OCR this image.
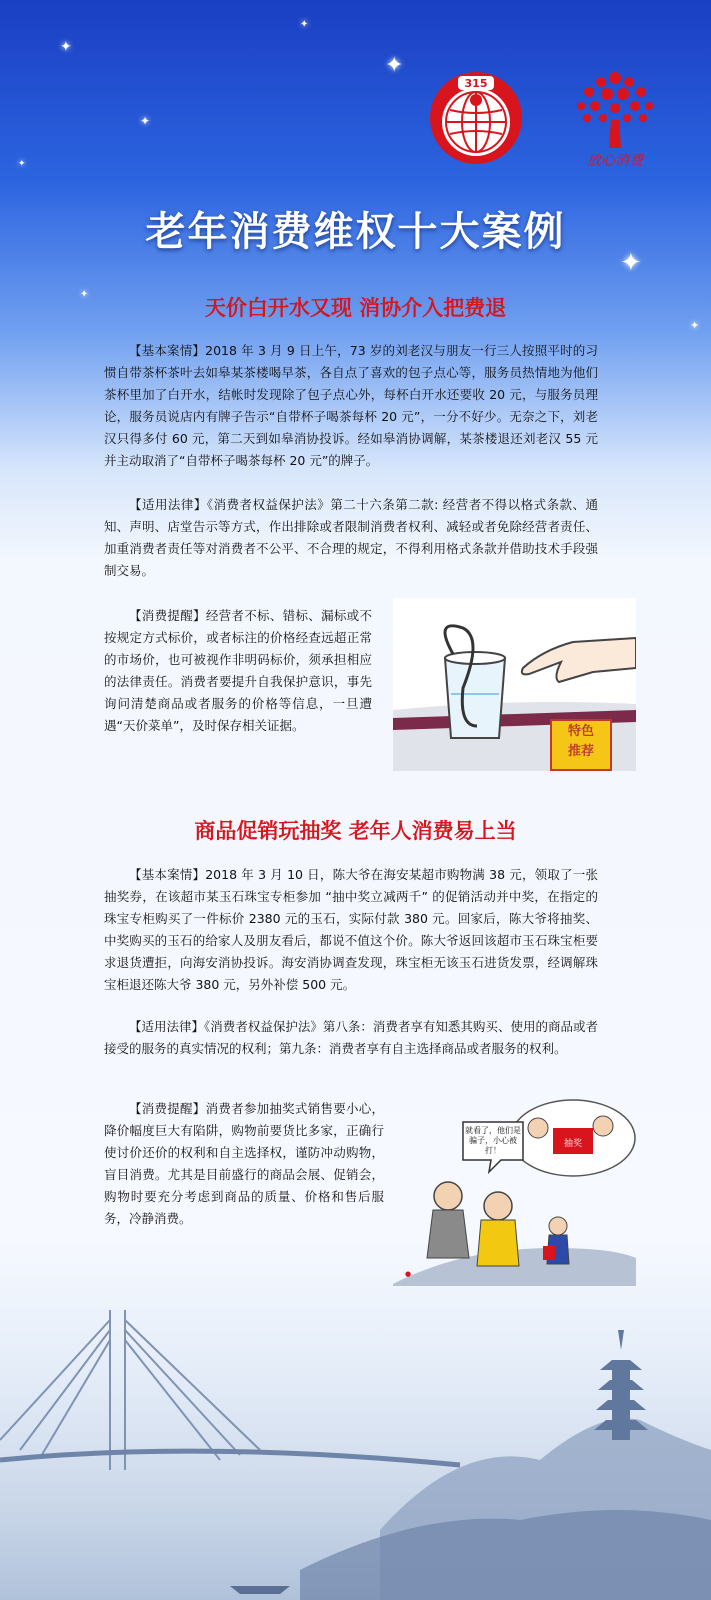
✦
✦
✦
✦
✦
✦
✦
✦
315
放心消费
老年消费维权十大案例
天价白开水又现 消协介入把费退

【基本案情】2018 年 3 月 9 日上午，73 岁的刘老汉与朋友一行三人按照平时的习惯自带茶杯茶叶去如皋某茶楼喝早茶，各自点了喜欢的包子点心等，服务员热情地为他们茶杯里加了白开水，结帐时发现除了包子点心外，每杯白开水还要收 20 元，与服务员理论，服务员说店内有牌子告示“自带杯子喝茶每杯 20 元”，一分不好少。无奈之下，刘老汉只得多付 60 元，第二天到如皋消协投诉。经如皋消协调解，某茶楼退还刘老汉 55 元并主动取消了“自带杯子喝茶每杯 20 元”的牌子。

【适用法律】《消费者权益保护法》第二十六条第二款: 经营者不得以格式条款、通知、声明、店堂告示等方式，作出排除或者限制消费者权利、减轻或者免除经营者责任、加重消费者责任等对消费者不公平、不合理的规定，不得利用格式条款并借助技术手段强制交易。

【消费提醒】经营者不标、错标、漏标或不按规定方式标价，或者标注的价格经查远超正常的市场价，也可被视作非明码标价，须承担相应的法律责任。消费者要提升自我保护意识，事先询问清楚商品或者服务的价格等信息，一旦遭遇“天价菜单”，及时保存相关证据。	特色
推荐
商品促销玩抽奖 老年人消费易上当

【基本案情】2018 年 3 月 10 日，陈大爷在海安某超市购物满 38 元，领取了一张抽奖券，在该超市某玉石珠宝专柜参加 “抽中奖立减两千” 的促销活动并中奖，在指定的珠宝专柜购买了一件标价 2380 元的玉石，实际付款 380 元。回家后，陈大爷将抽奖、中奖购买的玉石的给家人及朋友看后，都说不值这个价。陈大爷返回该超市玉石珠宝柜要求退货遭拒，向海安消协投诉。海安消协调查发现，珠宝柜无该玉石进货发票，经调解珠宝柜退还陈大爷 380 元，另外补偿 500 元。

【适用法律】《消费者权益保护法》第八条：消费者享有知悉其购买、使用的商品或者接受的服务的真实情况的权利；第九条：消费者享有自主选择商品或者服务的权利。

【消费提醒】消费者参加抽奖式销售要小心，降价幅度巨大有陷阱，购物前要货比多家，正确行使讨价还价的权利和自主选择权，谨防冲动购物，盲目消费。尤其是目前盛行的商品会展、促销会，购物时要充分考虑到商品的质量、价格和售后服务，冷静消费。

●
就看了，他们是骗子，小心被打！
抽奖
